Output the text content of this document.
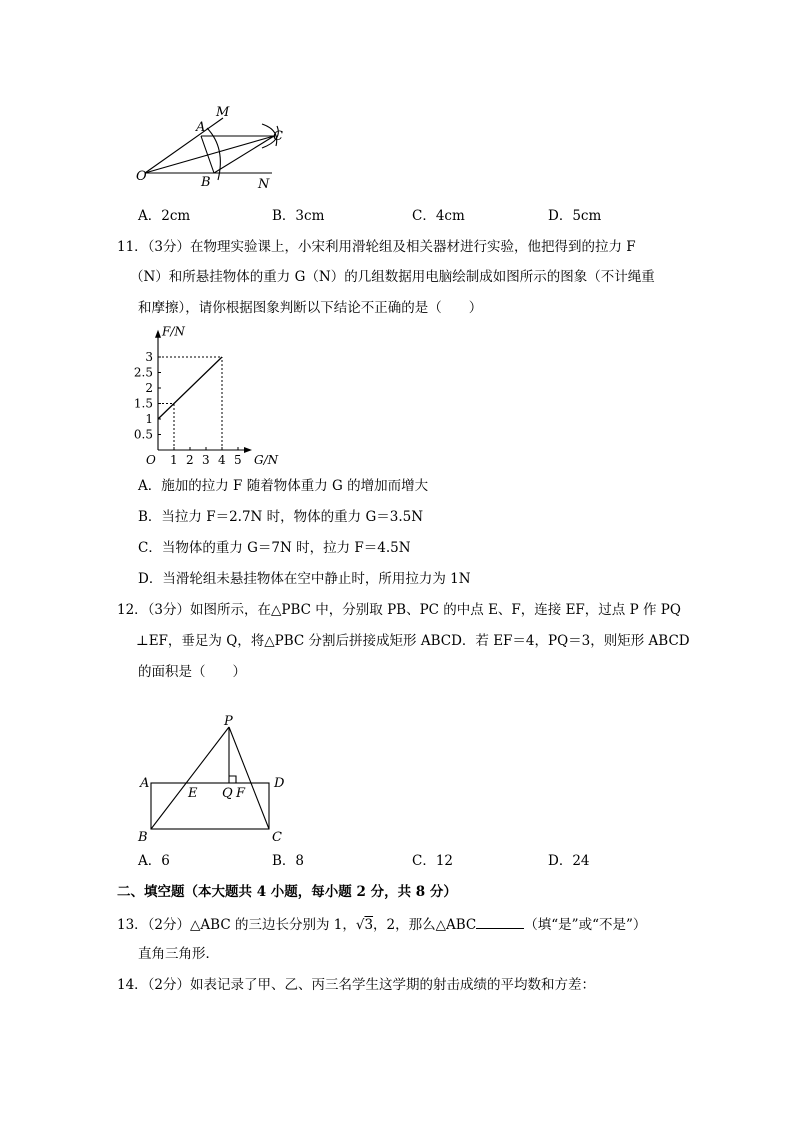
M
A
C
O	B	N
A．2cm	B．3cm	C．4cm	D．5cm
11．（3分）在物理实验课上，小宋利用滑轮组及相关器材进行实验，他把得到的拉力 F
（N）和所悬挂物体的重力 G（N）的几组数据用电脑绘制成如图所示的图象（不计绳重
和摩擦），请你根据图象判断以下结论不正确的是（　　）
1 2 3 4 5
0.5
1
1.5
2
2.5
3
O	G/N
F/N
A．施加的拉力 F 随着物体重力 G 的增加而增大
B．当拉力 F＝2.7N 时，物体的重力 G＝3.5N
C．当物体的重力 G＝7N 时，拉力 F＝4.5N
D．当滑轮组未悬挂物体在空中静止时，所用拉力为 1N
12．（3分）如图所示，在△PBC 中，分别取 PB、PC 的中点 E、F，连接 EF，过点 P 作 PQ
⊥EF，垂足为 Q，将△PBC 分割后拼接成矩形 ABCD．若 EF＝4，PQ＝3，则矩形 ABCD
的面积是（　　）
P
A	D
E Q F
B	C
A．6	B．8	C．12	D．24
二、填空题（本大题共 4 小题，每小题 2 分，共 8 分）
13．（2分）△ABC 的三边长分别为 1，√3，2，那么△ABC	（填“是”或“不是”）
直角三角形．
14．（2分）如表记录了甲、乙、丙三名学生这学期的射击成绩的平均数和方差：
